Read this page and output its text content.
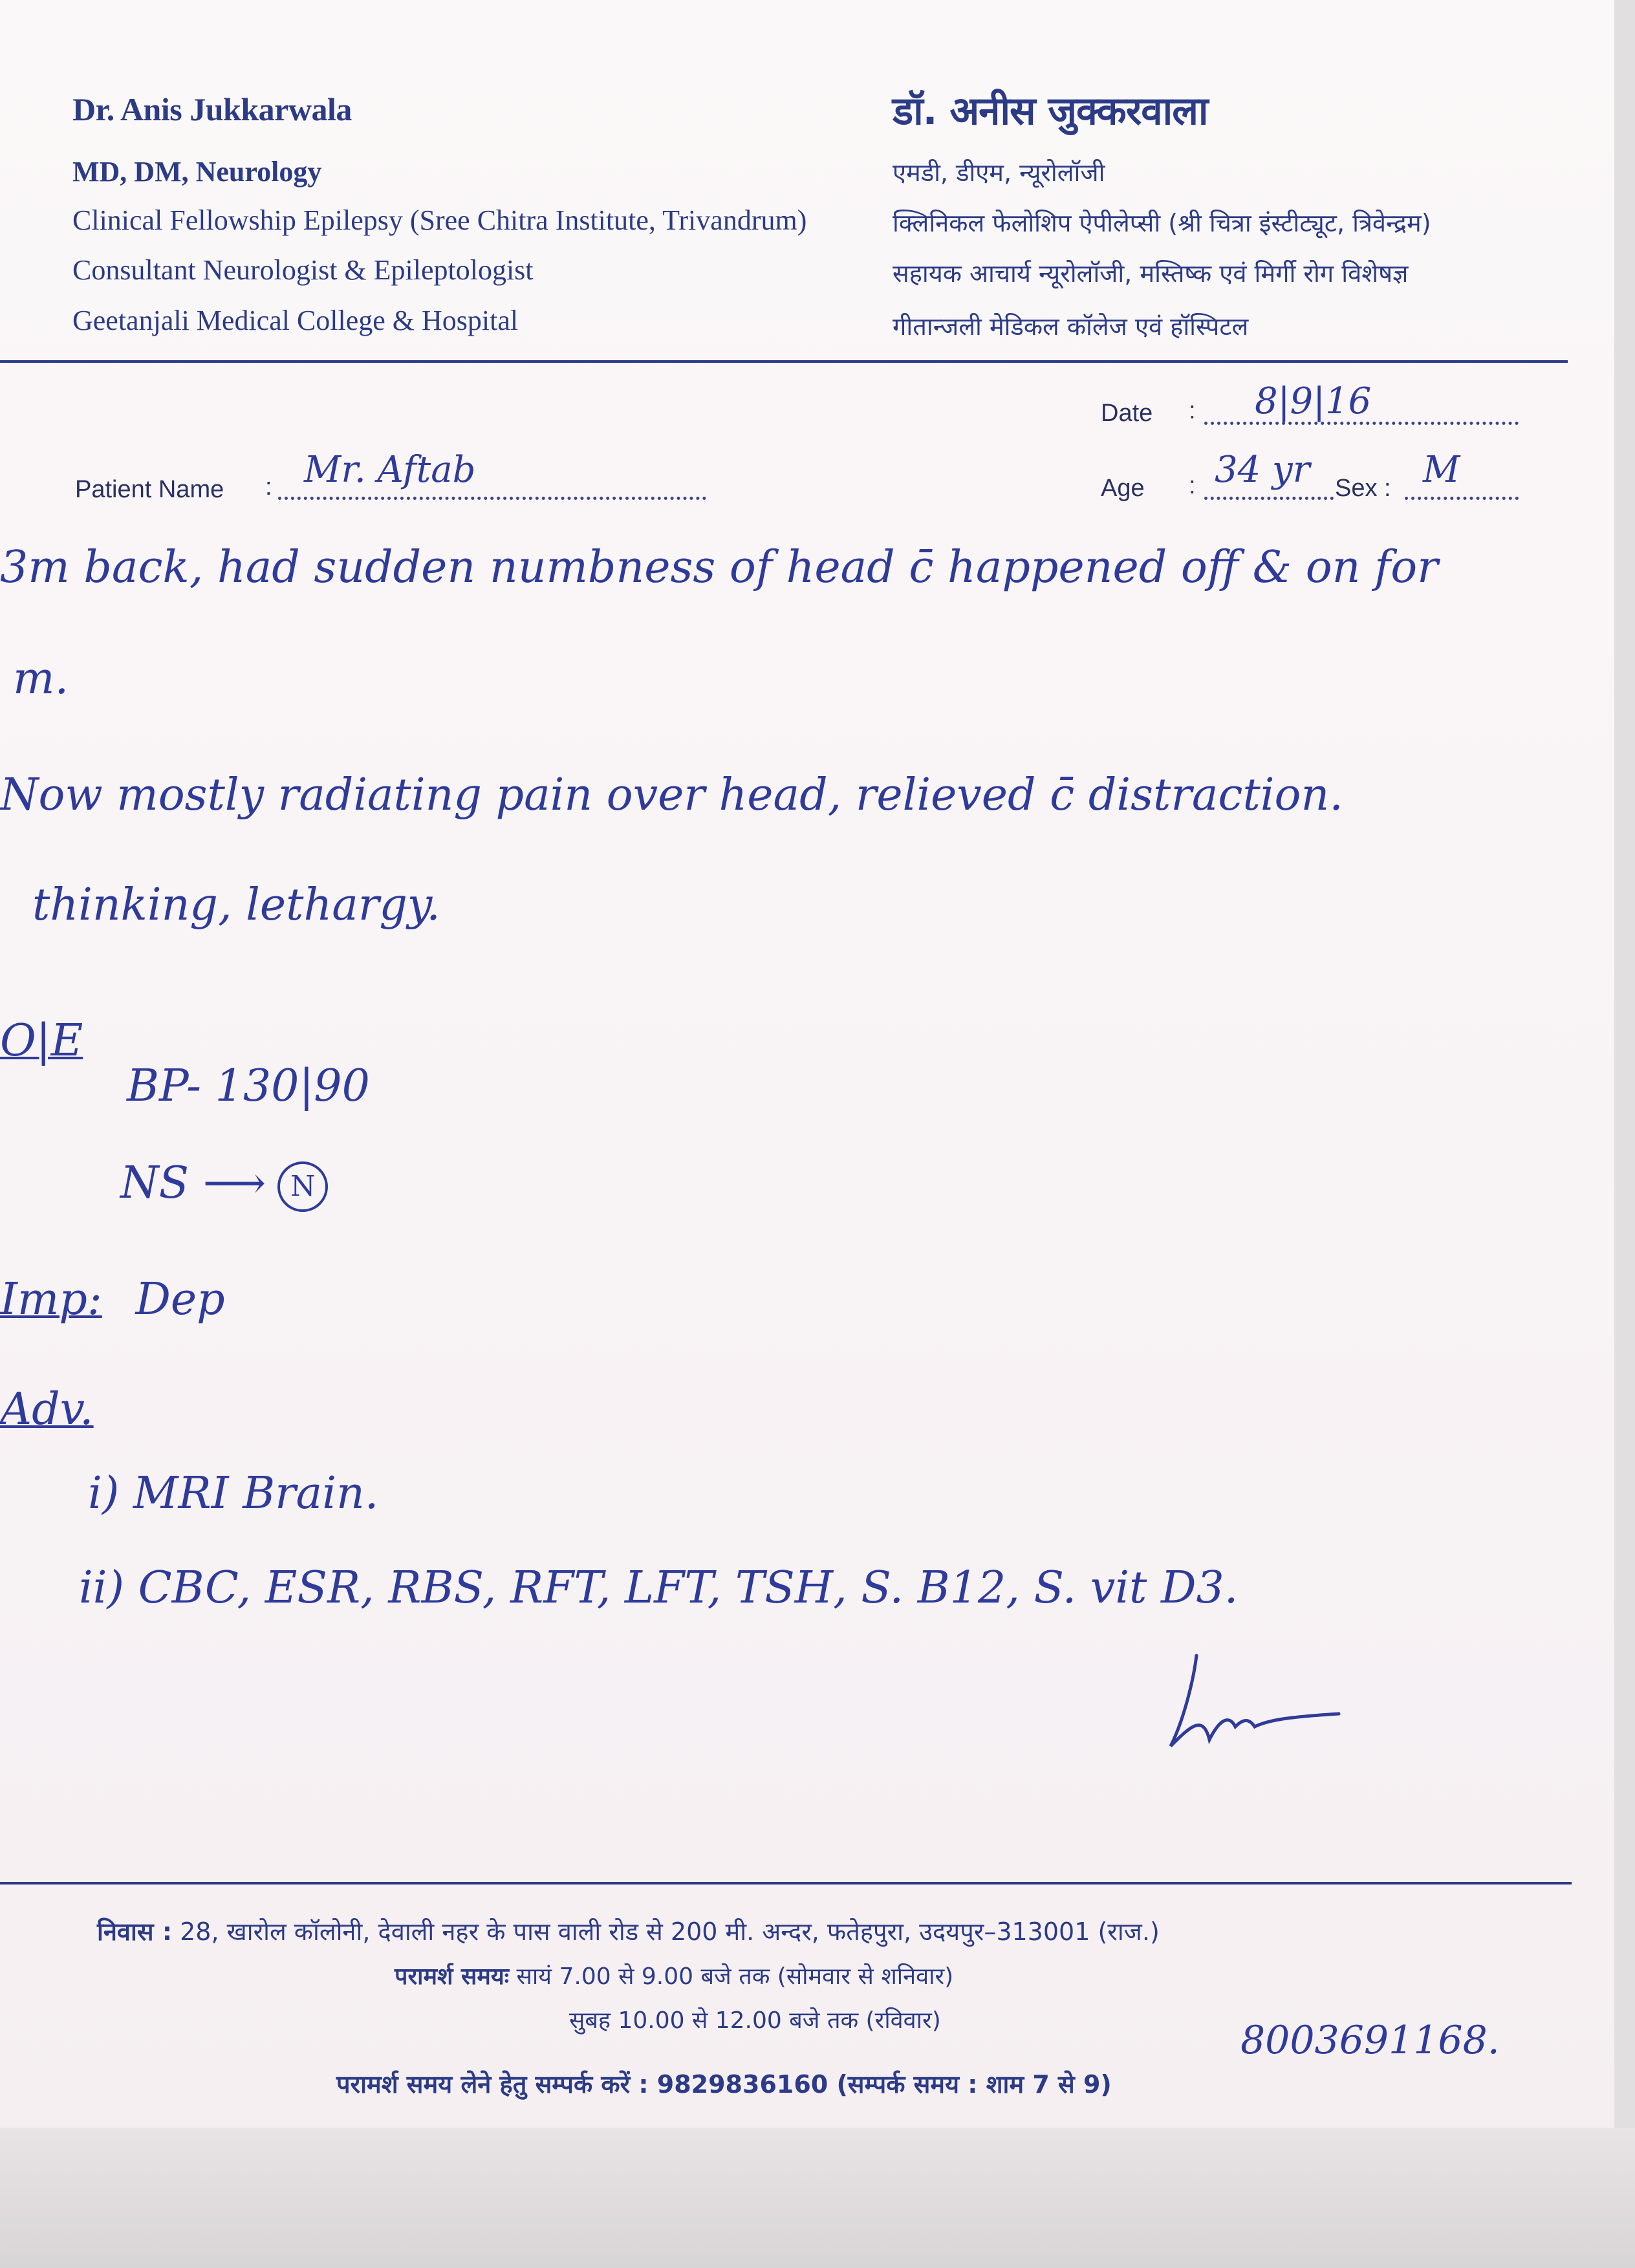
Dr. Anis Jukkarwala
MD, DM, Neurology
Clinical Fellowship Epilepsy (Sree Chitra Institute, Trivandrum)
Consultant Neurologist & Epileptologist
Geetanjali Medical College & Hospital
डॉ. अनीस जुक्करवाला
एमडी, डीएम, न्यूरोलॉजी
क्लिनिकल फेलोशिप ऐपीलेप्सी (श्री चित्रा इंस्टीट्यूट, त्रिवेन्द्रम)
सहायक आचार्य न्यूरोलॉजी, मस्तिष्क एवं मिर्गी रोग विशेषज्ञ
गीतान्जली मेडिकल कॉलेज एवं हॉस्पिटल
Date : 8|9|16
Patient Name : Mr. Aftab	Age : 34 yr Sex : M
3m back, had sudden numbness of head c̄ happened off & on for
m.
Now mostly radiating pain over head, relieved c̄ distraction.
thinking, lethargy.
O|E
BP- 130|90
NS ⟶ N
Imp: Dep
Adv.
i) MRI Brain.
ii) CBC, ESR, RBS, RFT, LFT, TSH, S. B12, S. vit D3.
निवास : 28, खारोल कॉलोनी, देवाली नहर के पास वाली रोड से 200 मी. अन्दर, फतेहपुरा, उदयपुर–313001 (राज.)
परामर्श समयः सायं 7.00 से 9.00 बजे तक (सोमवार से शनिवार)
सुबह 10.00 से 12.00 बजे तक (रविवार)
परामर्श समय लेने हेतु सम्पर्क करें : 9829836160 (सम्पर्क समय : शाम 7 से 9)
8003691168.
